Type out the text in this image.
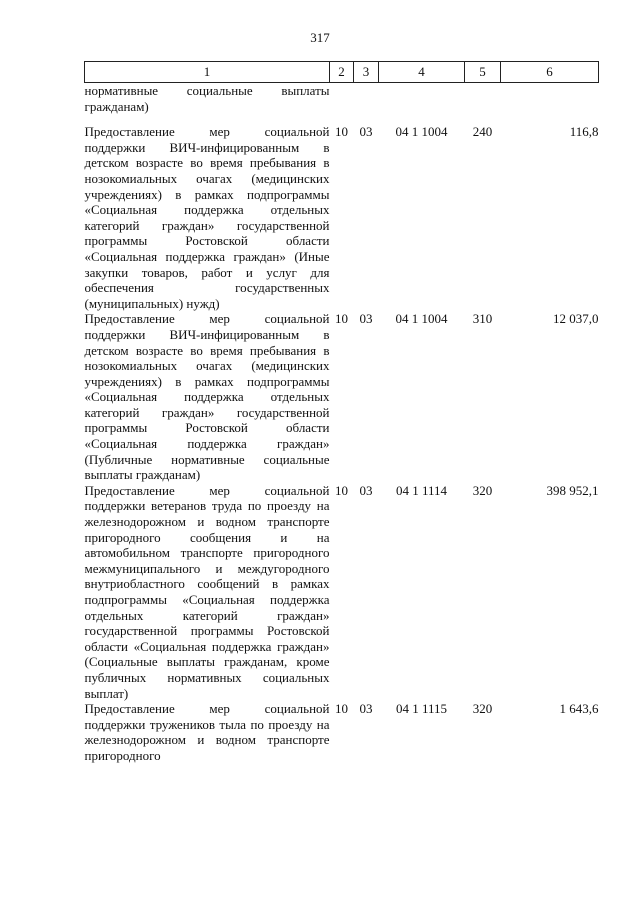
317
1	2	3	4	5	6
нормативные социальные выплаты гражданам)					
Предоставление мер социальной поддержки ВИЧ-инфицированным в детском возрасте во время пребывания в нозокомиальных очагах (медицинских учреждениях) в рамках подпрограммы «Социальная поддержка отдельных категорий граждан» государственной программы Ростовской области «Социальная поддержка граждан» (Иные закупки товаров, работ и услуг для обеспечения государственных (муниципальных) нужд)	10	03	04 1 1004	240	116,8
Предоставление мер социальной поддержки ВИЧ-инфицированным в детском возрасте во время пребывания в нозокомиальных очагах (медицинских учреждениях) в рамках подпрограммы «Социальная поддержка отдельных категорий граждан» государственной программы Ростовской области «Социальная поддержка граждан» (Публичные нормативные социальные выплаты гражданам)	10	03	04 1 1004	310	12 037,0
Предоставление мер социальной поддержки ветеранов труда по проезду на железнодорожном и водном транспорте пригородного сообщения и на автомобильном транспорте пригородного межмуниципального и междугородного внутриобластного сообщений в рамках подпрограммы «Социальная поддержка отдельных категорий граждан» государственной программы Ростовской области «Социальная поддержка граждан» (Социальные выплаты гражданам, кроме публичных нормативных социальных выплат)	10	03	04 1 1114	320	398 952,1
Предоставление мер социальной поддержки тружеников тыла по проезду на железнодорожном и водном транспорте пригородного	10	03	04 1 1115	320	1 643,6
